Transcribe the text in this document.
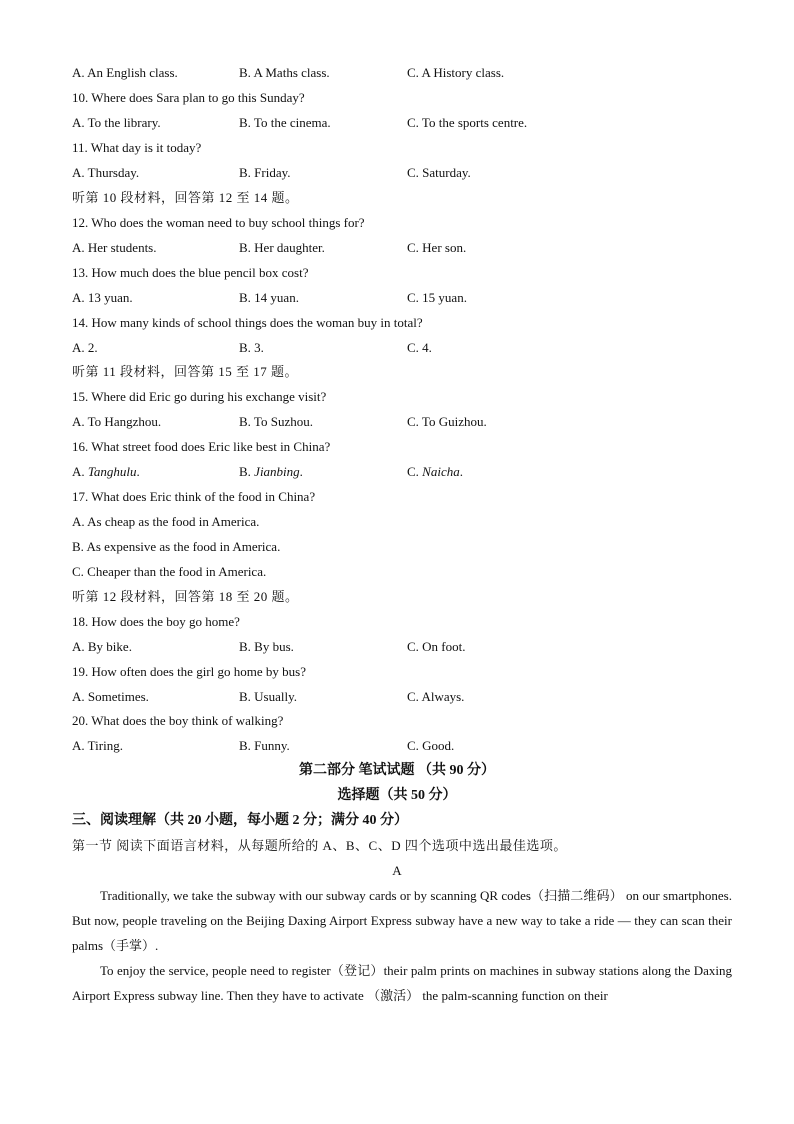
A. An English class.	B. A Maths class.	C. A History class.
10. Where does Sara plan to go this Sunday?
A. To the library.	B. To the cinema.	C. To the sports centre.
11. What day is it today?
A. Thursday.	B. Friday.	C. Saturday.
听第 10 段材料，回答第 12 至 14 题。
12. Who does the woman need to buy school things for?
A. Her students.	B. Her daughter.	C. Her son.
13. How much does the blue pencil box cost?
A. 13 yuan.	B. 14 yuan.	C. 15 yuan.
14. How many kinds of school things does the woman buy in total?
A. 2.	B. 3.	C. 4.
听第 11 段材料，回答第 15 至 17 题。
15. Where did Eric go during his exchange visit?
A. To Hangzhou.	B. To Suzhou.	C. To Guizhou.
16. What street food does Eric like best in China?
A. Tanghulu.	B. Jianbing.	C. Naicha.
17. What does Eric think of the food in China?
A. As cheap as the food in America.
B. As expensive as the food in America.
C. Cheaper than the food in America.
听第 12 段材料，回答第 18 至 20 题。
18. How does the boy go home?
A. By bike.	B. By bus.	C. On foot.
19. How often does the girl go home by bus?
A. Sometimes.	B. Usually.	C. Always.
20. What does the boy think of walking?
A. Tiring.	B. Funny.	C. Good.
第二部分 笔试试题 （共 90 分）
选择题（共 50 分）
三、阅读理解（共 20 小题，每小题 2 分；满分 40 分）
第一节 阅读下面语言材料，从每题所给的 A、B、C、D 四个选项中选出最佳选项。
A
Traditionally, we take the subway with our subway cards or by scanning QR codes（扫描二维码） on our smartphones. But now, people traveling on the Beijing Daxing Airport Express subway have a new way to take a ride — they can scan their palms（手掌）.
To enjoy the service, people need to register（登记）their palm prints on machines in subway stations along the Daxing Airport Express subway line. Then they have to activate （激活） the palm-scanning function on their
